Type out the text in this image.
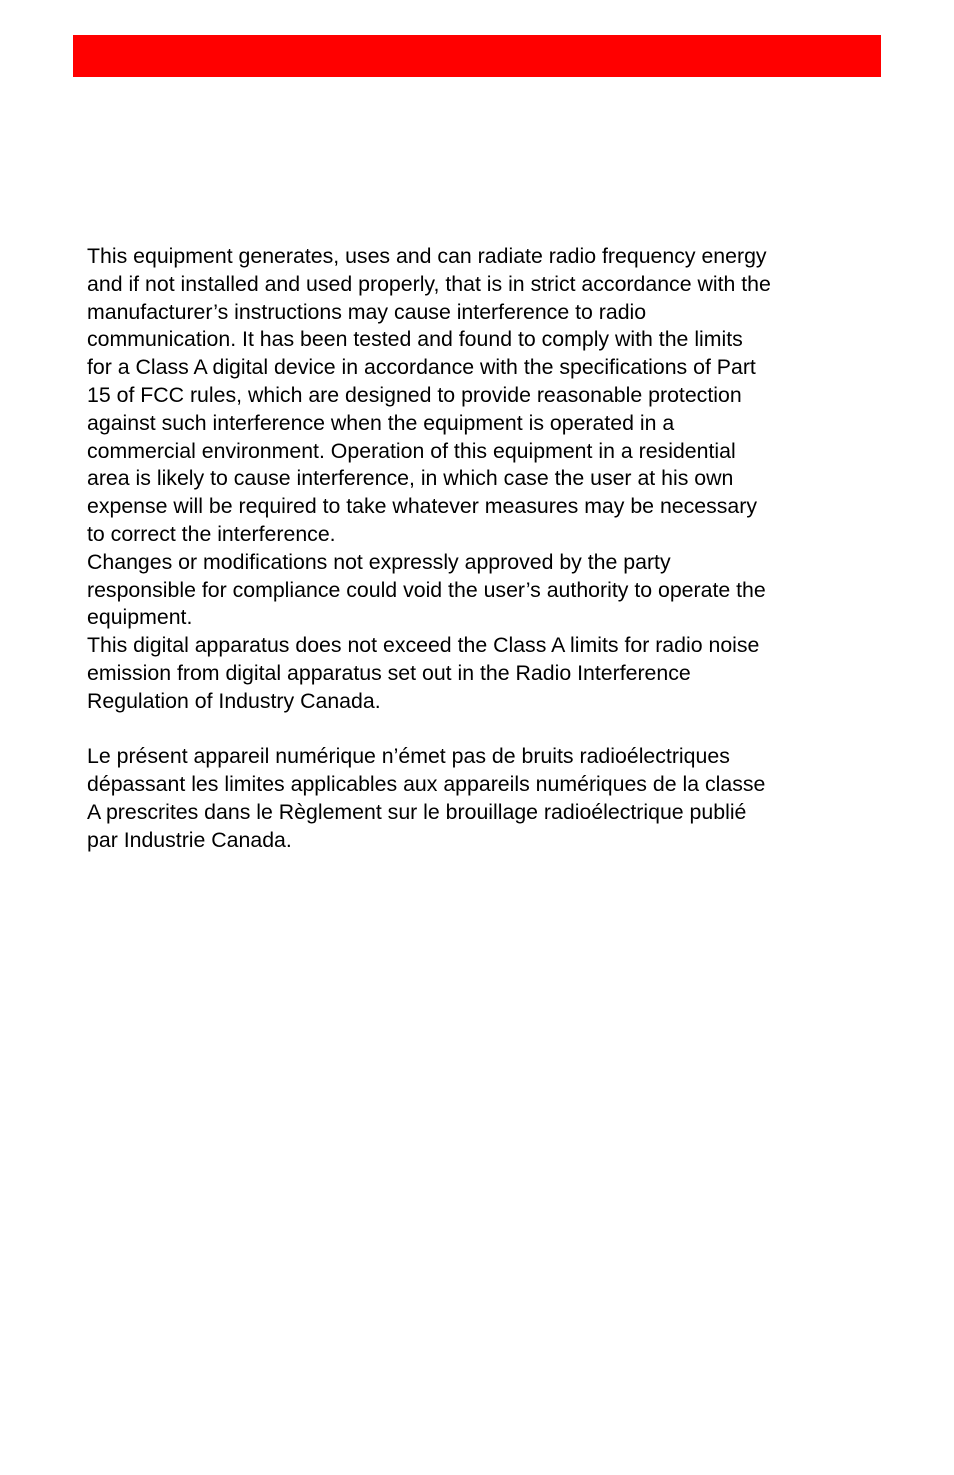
This equipment generates, uses and can radiate radio frequency energy
and if not installed and used properly, that is in strict accordance with the
manufacturer’s instructions may cause interference to radio
communication. It has been tested and found to comply with the limits
for a Class A digital device in accordance with the specifications of Part
15 of FCC rules, which are designed to provide reasonable protection
against such interference when the equipment is operated in a
commercial environment. Operation of this equipment in a residential
area is likely to cause interference, in which case the user at his own
expense will be required to take whatever measures may be necessary
to correct the interference.

Changes or modifications not expressly approved by the party
responsible for compliance could void the user’s authority to operate the
equipment.

This digital apparatus does not exceed the Class A limits for radio noise
emission from digital apparatus set out in the Radio Interference
Regulation of Industry Canada.

Le présent appareil numérique n’émet pas de bruits radioélectriques
dépassant les limites applicables aux appareils numériques de la classe
A prescrites dans le Règlement sur le brouillage radioélectrique publié
par Industrie Canada.
